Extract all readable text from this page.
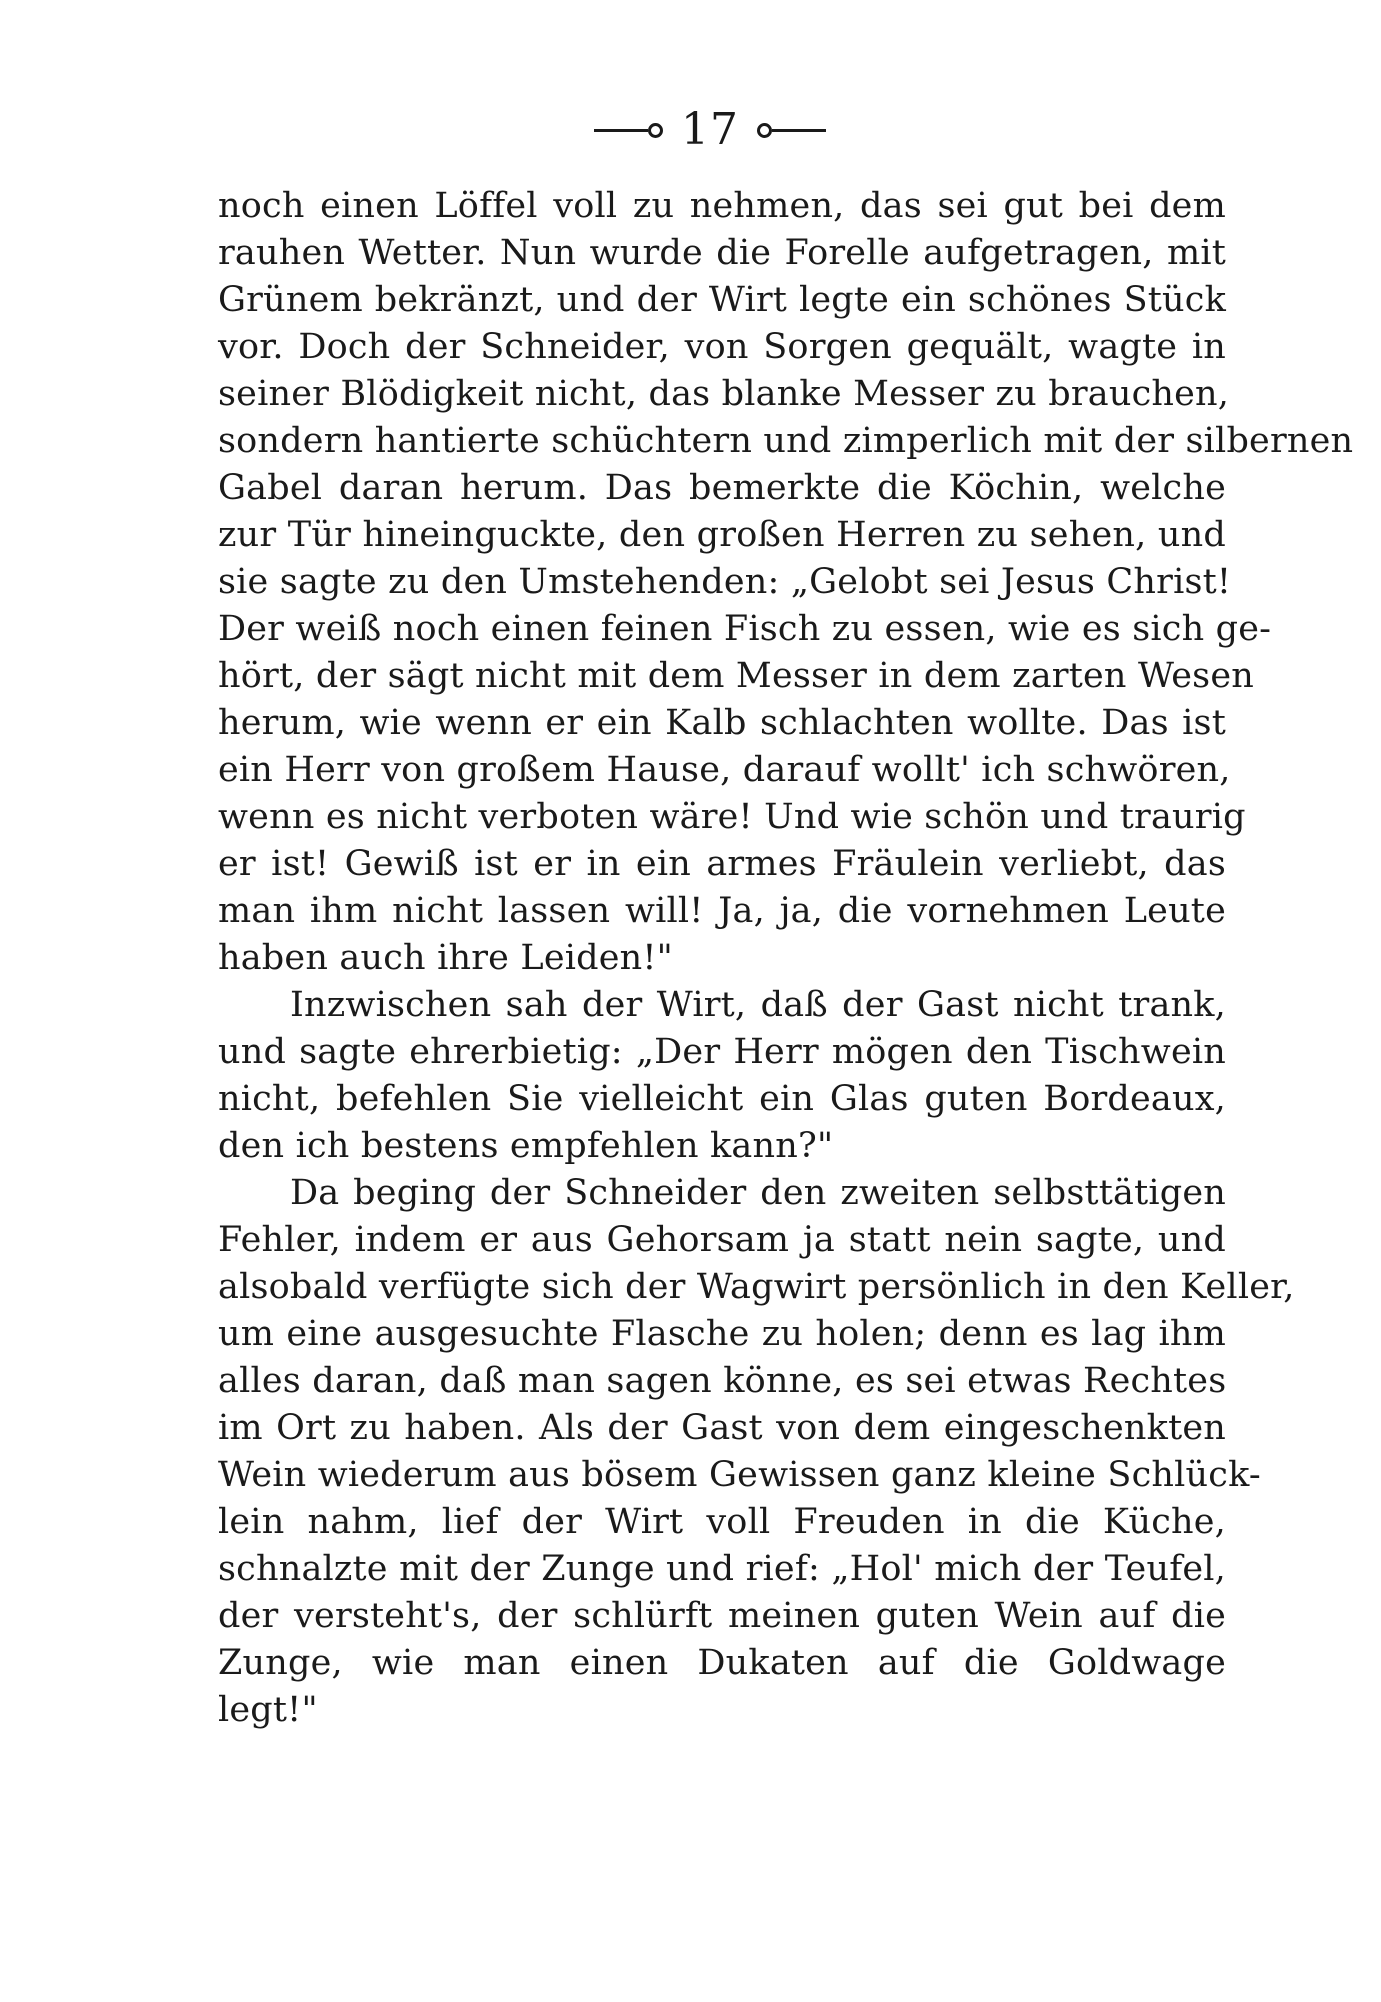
17
noch einen Löffel voll zu nehmen, das sei gut bei dem
rauhen Wetter. Nun wurde die Forelle aufgetragen, mit
Grünem bekränzt, und der Wirt legte ein schönes Stück
vor. Doch der Schneider, von Sorgen gequält, wagte in
seiner Blödigkeit nicht, das blanke Messer zu brauchen,
sondern hantierte schüchtern und zimperlich mit der silbernen
Gabel daran herum. Das bemerkte die Köchin, welche
zur Tür hineinguckte, den großen Herren zu sehen, und
sie sagte zu den Umstehenden: „Gelobt sei Jesus Christ!
Der weiß noch einen feinen Fisch zu essen, wie es sich ge-
hört, der sägt nicht mit dem Messer in dem zarten Wesen
herum, wie wenn er ein Kalb schlachten wollte. Das ist
ein Herr von großem Hause, darauf wollt' ich schwören,
wenn es nicht verboten wäre! Und wie schön und traurig
er ist! Gewiß ist er in ein armes Fräulein verliebt, das
man ihm nicht lassen will! Ja, ja, die vornehmen Leute
haben auch ihre Leiden!"
Inzwischen sah der Wirt, daß der Gast nicht trank,
und sagte ehrerbietig: „Der Herr mögen den Tischwein
nicht, befehlen Sie vielleicht ein Glas guten Bordeaux,
den ich bestens empfehlen kann?"
Da beging der Schneider den zweiten selbsttätigen
Fehler, indem er aus Gehorsam ja statt nein sagte, und
alsobald verfügte sich der Wagwirt persönlich in den Keller,
um eine ausgesuchte Flasche zu holen; denn es lag ihm
alles daran, daß man sagen könne, es sei etwas Rechtes
im Ort zu haben. Als der Gast von dem eingeschenkten
Wein wiederum aus bösem Gewissen ganz kleine Schlück-
lein nahm, lief der Wirt voll Freuden in die Küche,
schnalzte mit der Zunge und rief: „Hol' mich der Teufel,
der versteht's, der schlürft meinen guten Wein auf die
Zunge, wie man einen Dukaten auf die Goldwage
legt!"
